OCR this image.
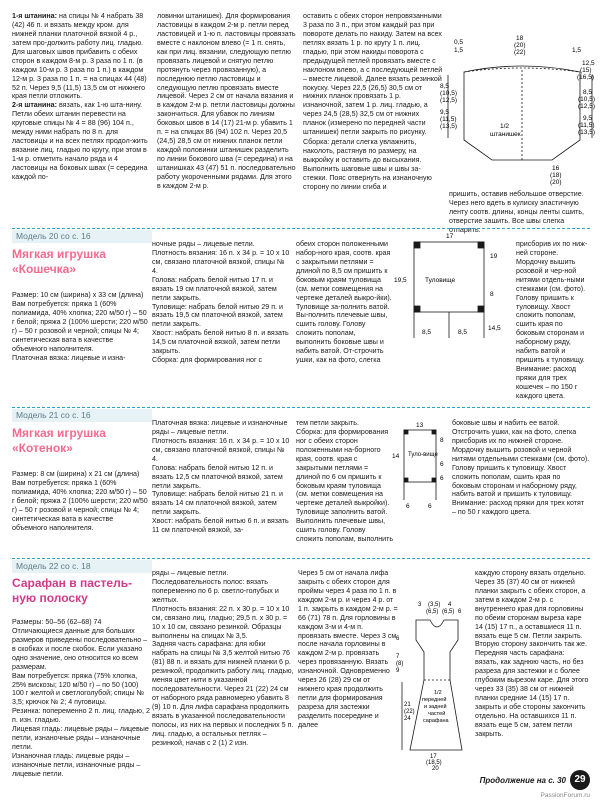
1-я штанина: на спицы № 4 набрать 38 (42) 46 п. и вязать между кром. для нижней планки платочной вязкой 4 р., затем про-должить работу лиц. гладью. Для шаговых швов прибавить с обеих сторон в каждом 8-м р. 3 раза по 1 п. (в каждом 10-м р. 3 раза по 1 п.) в каждом 12-м р. 3 раза по 1 п. = на спицах 44 (48) 52 п. Через 9,5 (11,5) 13,5 см от нижнего края петли отложить.

2-я штанина: вязать, как 1-ю шта-нину. Петли обеих штанин перевести на круговые спицы № 4 = 88 (96) 104 п., между ними набрать по 8 п. для ластовицы и на всех петлях продол-жить вязание лиц. гладью по кругу, при этом в 1-м р. отметить начало ряда и 4 ластовицы на боковых швах (= середина каждой по-

ловинки штанишек). Для формирования ластовицы в каждом 2-м р. петли перед ластовицей и 1-ю п. ластовицы провязать вместе с наклоном влево (= 1 п. снять, как при лиц. вязании, следующую петлю провязать лицевой и снятую петлю протянуть через провязанную), а последнюю петлю ластовицы и следующую петлю провязать вместе лицевой. Через 2 см от начала вязания и в каждом 2-м р. петли ластовицы должны закончиться. Для убавок по линиям боковых швов в 14 (17) 21-м р. убавить 1 п. = на спицах 86 (94) 102 п. Через 20,5 (24,5) 28,5 см от нижних планок петли каждой половинки штанишек разделить по линии бокового шва (= середина) и на штанишках 43 (47) 51 п. последовательно работу укороченными рядами. Для этого в каждом 2-м р.

оставить с обеих сторон непровязанными 3 раза по 3 п., при этом каждый раз при повороте делать по накиду. Затем на всех петлях вязать 1 р. по кругу 1 п. лиц. гладью, при этом накиды поворота с предыдущей петлей провязать вместе с наклоном влево, а с последующей петлей – вместе лицевой. Далее вязать резинкой покуску. Через 22,5 (26,5) 30,5 см от нижних планок провязать 1 р. изнаночной, затем 1 р. лиц. гладью, а через 24,5 (28,5) 32,5 см от нижних планок (измерено по передней части штанишек) петли закрыть по рисунку.

Сборка: детали слегка увлажнить, наколоть, растянув по размеру, на выкройку и оставить до высыхания. Выполнить шаговые швы и швы за-стежки. Пояс отвернуть на изнаночную сторону по линии сгиба и

пришить, оставив небольшое отверстие. Через него вдеть в кулиску эластичную ленту соотв. длины, концы ленты сшить, отверстие зашить. Все швы слегка отпарить.

0,5
18
(20)
(22)
1,5	1,5
8,5
(10,5)
(12,5)
9,5
(11,5)
(13,5)
12,5
(15)
(16,5)
8,5
(10,5)
(12,5)
9,5
(11,5)
(13,5)
1/2
штанишек
16
(18)
(20)
Модель 20 со с. 16
Мягкая игрушка
«Кошечка»

Размер: 10 см (ширина) х 33 см (длина)
Вам потребуется: пряжа 1 (60% полиамида, 40% хлопка; 220 м/50 г) – 50 г белой; пряжа 2 (100% шерсти; 220 м/50 г) – 50 г розовой и черной; спицы № 4; синтетическая вата в качестве объемного наполнителя.
Платочная вязка: лицевые и изна-

ночные ряды – лицевые петли.
Плотность вязания: 16 п. х 34 р. = 10 х 10 см, связано платочной вязкой, спицы № 4.
Голова: набрать белой нитью 17 п. и вязать 19 см платочной вязкой, затем петли закрыть.
Туловище: набрать белой нитью 29 п. и вязать 19,5 см платочной вязкой, затем петли закрыть.
Хвост: набрать белой нитью 8 п. и вязать 14,5 см платочной вязкой, затем петли закрыть.
Сборка: для формирования ног с

обеих сторон положенными набор-ного края, соотв. края с закрытыми петлями = длиной по 8,5 см пришить к боковым краям туловища (см. метки совмещения на чертеже деталей выкро-йки). Туловище за-полнить ватой. Вы-полнить плечевые швы, сшить голову. Голову сложить пополам, выполнить боковые швы и набить ватой. От-строчить ушки, как на фото, слегка

присборив их по ниж-ней стороне. Мордочку вышить розовой и чер-ной нитями отдель-ными стежками (см. фото). Голову пришить к туловищу. Хвост сложить пополам, сшить края по боковым сторонам и наборному ряду, набить ватой и пришить к туловищу.
Внимание: расход пряжи для трех кошечек – по 150 г каждого цвета.

17
19,5	Туловище
19
14,5
8,5	8,5
8
Модель 21 со с. 16
Мягкая игрушка
«Котенок»

Размер: 8 см (ширина) х 21 см (длина)
Вам потребуется: пряжа 1 (60% полиамида, 40% хлопка; 220 м/50 г) – 50 г белой; пряжа 2 (100% шерсти; 220 м/50 г) – 50 г розовой и черной; спицы № 4; синтетическая вата в качестве объемного наполнителя.

Платочная вязка: лицевые и изнаночные ряды – лицевые петли.
Плотность вязания: 16 п. х 34 р. = 10 х 10 см, связано платочной вязкой, спицы № 4.
Голова: набрать белой нитью 12 п. и вязать 12,5 см платочной вязкой, затем петли закрыть.
Туловище: набрать белой нитью 21 п. и вязать 14 см платочной вязкой, затем петли закрыть.
Хвост: набрать белой нитью 6 п. и вязать 11 см платочной вязкой, за-

тем петли закрыть.
Сборка: для формирования ног с обеих сторон положенными на-борного края, соотв. края с закрытыми петлями = длиной по 6 см пришить к боковым краям туловища (см. метки совмещения на чертеже деталей выкройки). Туловище заполнить ватой. Выполнить плечевые швы, сшить голову. Голову сложить пополам, выполнить

боковые швы и набить ее ватой. Отстрочить ушки, как на фото, слегка присборив их по нижней стороне. Мордочку вышить розовой и черной нитями отдельными стежками (см. фото). Голову пришить к туловищу. Хвост сложить пополам, сшить края по боковым сторонам и наборному ряду, набить ватой и пришить к туловищу.
Внимание: расход пряжи для трех котят – по 50 г каждого цвета.

13
14 Туло-вище
8
6
6
6	6
Модель 22 со с. 18
Сарафан в пастель-
ную полоску

Размеры: 50–56 (62–68) 74
Отличающиеся данные для больших размеров приведены последовательно – в скобках и после скобок. Если указано одно значение, оно относится ко всем размерам.
Вам потребуется: пряжа (75% хлопка, 25% вискозы; 120 м/50 г) – по 50 (100) 100 г желтой и светлоголубой; спицы № 3,5; крючок № 2; 4 пуговицы.
Резинка: попеременно 2 п. лиц. гладью, 2 п. изн. гладью.
Лицевая гладь: лицевые ряды – лицевые петли, изнаночные ряды – изнаночные петли.
Изнаночная гладь: лицевые ряды – изнаночные петли, изнаночные ряды – лицевые петли.

ряды – лицевые петли.
Последовательность полос: вязать попеременно по 6 р. светло-голубых и желтых.
Плотность вязания: 22 п. х 30 р. = 10 х 10 см, связано лиц. гладью; 29,5 п. х 30 р. = 10 х 10 см, связано резинкой. Образцы выполнены на спицах № 3,5.
Задняя часть сарафана: для юбки набрать на спицы № 3,5 желтой нитью 76 (81) 88 п. и вязать для нижней планки 6 р. резинкой, продолжить работу лиц. гладью, меняя цвет нити в указанной последовательности. Через 21 (22) 24 см от наборного ряда равномерно убавить 8 (9) 10 п. Для лифа сарафана продолжить вязать в указанной последовательности полосы, из них на первых и последних 5 п. лиц. гладью, а остальных петлях – резинкой, начав с 2 (1) 2 изн.

Через 5 см от начала лифа закрыть с обеих сторон для проймы через 4 раза по 1 п. в каждом 2-м р. и через 4 р. от 1 п. закрыть в каждом 2-м р. = 66 (71) 78 п. Для горловины в каждом 3-м и 4-м п. провязать вместе. Через 3 см после начала горловины в каждом 2-м р. провязать через провязанную. Вязать изнаночной. Одновременно через 26 (28) 29 см от нижнего края продолжить петли для формирования разреза для застежки разделить посередине и далее

каждую сторону вязать отдельно. Через 35 (37) 40 см от нижней планки закрыть с обеих сторон, а затем в каждом 2-м р. с внутреннего края для горловины по обеим сторонам выреза каре 14 (15) 17 п., а оставшиеся 11 п. вязать еще 5 см. Петли закрыть. Вторую сторону закончить так же.
Передняя часть сарафана: вязать, как заднюю часть, но без разреза для застежки и с более глубоким вырезом каре. Для этого через 33 (35) 38 см от нижней планки средние 14 (15) 17 п. закрыть и обе стороны закончить отдельно. На оставшихся 11 п. вязать еще 5 см, затем петли закрыть.

3 (3,5) 4
(6,5) (6,5) 6
6
7
(8)
9
1/2
передней
и задней
частей
сарафана
21
(22)
24
17
(18,5)
20
Продолжение на с. 30 29
PassionForum.ru
